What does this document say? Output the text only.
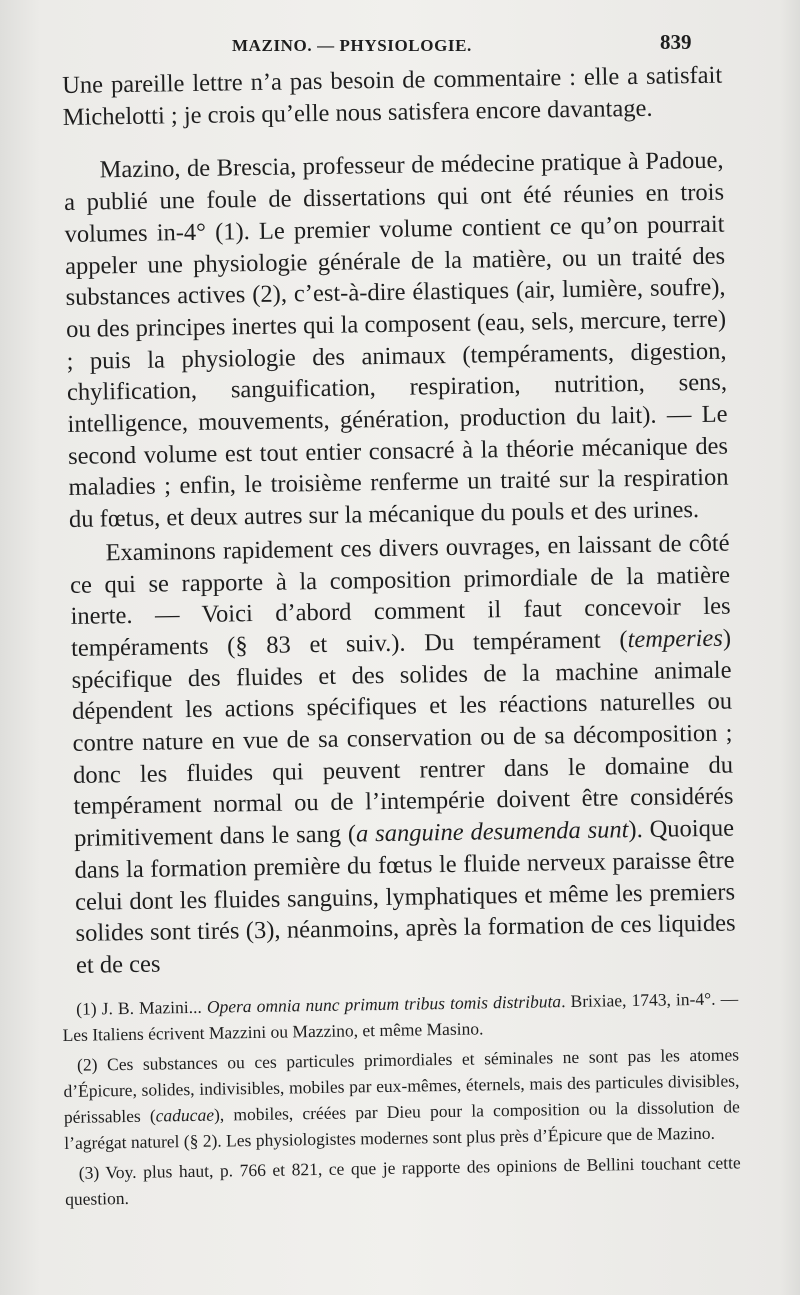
MAZINO. — PHYSIOLOGIE.	839

Une pareille lettre n’a pas besoin de commentaire : elle a satisfait Michelotti ; je crois qu’elle nous satisfera encore davantage.

Mazino, de Brescia, professeur de médecine pratique à Padoue, a publié une foule de dissertations qui ont été réunies en trois volumes in-4° (1). Le premier volume contient ce qu’on pourrait appeler une physiologie générale de la matière, ou un traité des substances actives (2), c’est-à-dire élastiques (air, lumière, soufre), ou des principes inertes qui la composent (eau, sels, mercure, terre) ; puis la physiologie des animaux (tempéraments, digestion, chylification, sanguification, respiration, nutrition, sens, intelligence, mouvements, génération, production du lait). — Le second volume est tout entier consacré à la théorie mécanique des maladies ; enfin, le troisième renferme un traité sur la respiration du fœtus, et deux autres sur la mécanique du pouls et des urines.

Examinons rapidement ces divers ouvrages, en laissant de côté ce qui se rapporte à la composition primordiale de la matière inerte. — Voici d’abord comment il faut concevoir les tempéraments (§ 83 et suiv.). Du tempérament (temperies) spécifique des fluides et des solides de la machine animale dépendent les actions spécifiques et les réactions naturelles ou contre nature en vue de sa conservation ou de sa décomposition ; donc les fluides qui peuvent rentrer dans le domaine du tempérament normal ou de l’intempérie doivent être considérés primitivement dans le sang (a sanguine desumenda sunt). Quoique dans la formation première du fœtus le fluide nerveux paraisse être celui dont les fluides sanguins, lymphatiques et même les premiers solides sont tirés (3), néanmoins, après la formation de ces liquides et de ces

(1) J. B. Mazini... Opera omnia nunc primum tribus tomis distributa. Brixiae, 1743, in-4°. — Les Italiens écrivent Mazzini ou Mazzino, et même Masino.

(2) Ces substances ou ces particules primordiales et séminales ne sont pas les atomes d’Épicure, solides, indivisibles, mobiles par eux-mêmes, éternels, mais des particules divisibles, périssables (caducae), mobiles, créées par Dieu pour la composition ou la dissolution de l’agrégat naturel (§ 2). Les physiologistes modernes sont plus près d’Épicure que de Mazino.

(3) Voy. plus haut, p. 766 et 821, ce que je rapporte des opinions de Bellini touchant cette question.
